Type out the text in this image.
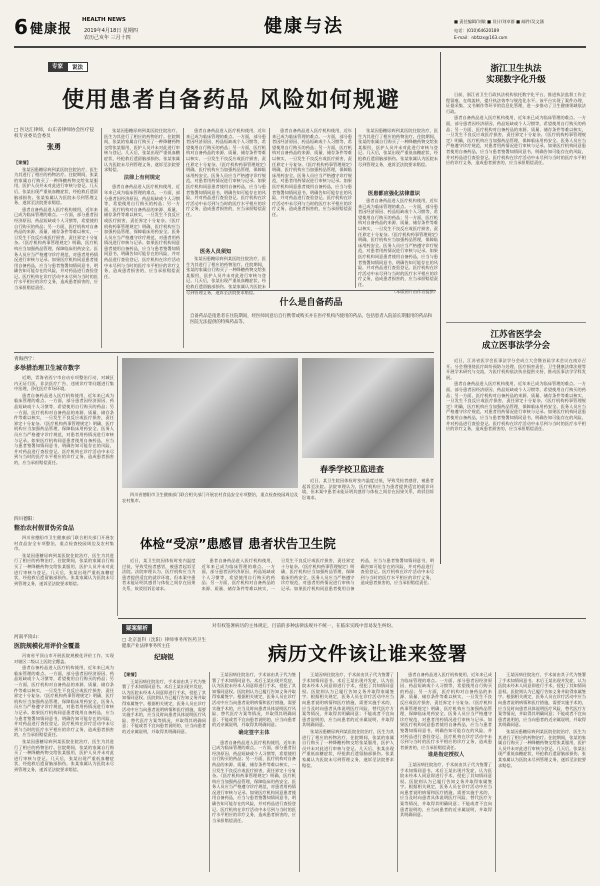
6 健康报
HEALTH NEWS
2019年4月18日 星期四
农历己亥年 三月十四
健康与法	■ 责任编辑/刘敏 ■ 设计/刘卓群 ■ 邮件/吴文涵
电话：(010)64620189
E-mail：nbfzzx@163.com
专家	说法
使用患者自备药品 风险如何规避
□ 医达汇律师，山东省律师协会医疗侵权专业委员会委员
张勇

【案情】

张某因患糖尿病到某医院住院治疗，医生为其进行了相应的药物治疗。住院期间，张某的家属自行购买了一种降糖药物交给张某服用，医护人员并未对此进行审核与登记。几天后，张某出现严重低血糖症状，经抢救后遗留脑部损伤。张某家属认为医院未尽到管理义务，遂诉至法院要求赔偿。

患者自备药品进入医疗机构使用，近年来已成为临床管理的难点。一方面，部分患者因经济原因、药品短缺或个人习惯等，希望使用自行购买的药品；另一方面，医疗机构对自备药品的来源、质量、储存条件等难以核实，一旦发生不良反应或医疗损害，责任界定十分复杂。《医疗机构药事管理规定》明确，医疗机构应当加强药品管理，保障临床用药安全。医务人员应当严格遵守诊疗规范，对患者用药情况进行审核与记录。如果医疗机构同意患者使用自备药品，应当与患者签署知情同意书，明确告知可能存在的风险，并对药品进行查验登记。医疗机构在诊疗活动中未尽到与当时的医疗水平相应的诊疗义务，造成患者损害的，应当承担赔偿责任。

张某因患糖尿病到某医院住院治疗，医生为其进行了相应的药物治疗。住院期间，张某的家属自行购买了一种降糖药物交给张某服用，医护人员并未对此进行审核与登记。几天后，张某出现严重低血糖症状，经抢救后遗留脑部损伤。张某家属认为医院未尽到管理义务，遂诉至法院要求赔偿。

法律上有何规定

患者自备药品进入医疗机构使用，近年来已成为临床管理的难点。一方面，部分患者因经济原因、药品短缺或个人习惯等，希望使用自行购买的药品；另一方面，医疗机构对自备药品的来源、质量、储存条件等难以核实，一旦发生不良反应或医疗损害，责任界定十分复杂。《医疗机构药事管理规定》明确，医疗机构应当加强药品管理，保障临床用药安全。医务人员应当严格遵守诊疗规范，对患者用药情况进行审核与记录。如果医疗机构同意患者使用自备药品，应当与患者签署知情同意书，明确告知可能存在的风险，并对药品进行查验登记。医疗机构在诊疗活动中未尽到与当时的医疗水平相应的诊疗义务，造成患者损害的，应当承担赔偿责任。

患者自备药品进入医疗机构使用，近年来已成为临床管理的难点。一方面，部分患者因经济原因、药品短缺或个人习惯等，希望使用自行购买的药品；另一方面，医疗机构对自备药品的来源、质量、储存条件等难以核实，一旦发生不良反应或医疗损害，责任界定十分复杂。《医疗机构药事管理规定》明确，医疗机构应当加强药品管理，保障临床用药安全。医务人员应当严格遵守诊疗规范，对患者用药情况进行审核与记录。如果医疗机构同意患者使用自备药品，应当与患者签署知情同意书，明确告知可能存在的风险，并对药品进行查验登记。医疗机构在诊疗活动中未尽到与当时的医疗水平相应的诊疗义务，造成患者损害的，应当承担赔偿责任。

医务人员须知

张某因患糖尿病到某医院住院治疗，医生为其进行了相应的药物治疗。住院期间，张某的家属自行购买了一种降糖药物交给张某服用，医护人员并未对此进行审核与登记。几天后，张某出现严重低血糖症状，经抢救后遗留脑部损伤。张某家属认为医院未尽到管理义务，遂诉至法院要求赔偿。

患者自备药品进入医疗机构使用，近年来已成为临床管理的难点。一方面，部分患者因经济原因、药品短缺或个人习惯等，希望使用自行购买的药品；另一方面，医疗机构对自备药品的来源、质量、储存条件等难以核实，一旦发生不良反应或医疗损害，责任界定十分复杂。《医疗机构药事管理规定》明确，医疗机构应当加强药品管理，保障临床用药安全。医务人员应当严格遵守诊疗规范，对患者用药情况进行审核与记录。如果医疗机构同意患者使用自备药品，应当与患者签署知情同意书，明确告知可能存在的风险，并对药品进行查验登记。医疗机构在诊疗活动中未尽到与当时的医疗水平相应的诊疗义务，造成患者损害的，应当承担赔偿责任。

张某因患糖尿病到某医院住院治疗，医生为其进行了相应的药物治疗。住院期间，张某的家属自行购买了一种降糖药物交给张某服用，医护人员并未对此进行审核与登记。几天后，张某出现严重低血糖症状，经抢救后遗留脑部损伤。张某家属认为医院未尽到管理义务，遂诉至法院要求赔偿。

医患都应强化法律意识

患者自备药品进入医疗机构使用，近年来已成为临床管理的难点。一方面，部分患者因经济原因、药品短缺或个人习惯等，希望使用自行购买的药品；另一方面，医疗机构对自备药品的来源、质量、储存条件等难以核实，一旦发生不良反应或医疗损害，责任界定十分复杂。《医疗机构药事管理规定》明确，医疗机构应当加强药品管理，保障临床用药安全。医务人员应当严格遵守诊疗规范，对患者用药情况进行审核与记录。如果医疗机构同意患者使用自备药品，应当与患者签署知情同意书，明确告知可能存在的风险，并对药品进行查验登记。医疗机构在诊疗活动中未尽到与当时的医疗水平相应的诊疗义务，造成患者损害的，应当承担赔偿责任。

（本版图片由作者提供）

什么是自备药品
自备药品是指患者在住院期间，经医师同意后自行携带或购买并在医疗机构内使用的药品，包括患者入院前长期服用的药品和医院无法提供的特殊药品等。
浙江卫生执法
实现数字化升级

日前，浙江省卫生行政执法机构依托数字化平台，推进执法监督工作全程留痕、在线流转，提升执法效率与规范化水平。该平台实现了案件办理、证据采集、文书制作等环节的信息化管理，进一步推动了卫生健康领域依法行政。

患者自备药品进入医疗机构使用，近年来已成为临床管理的难点。一方面，部分患者因经济原因、药品短缺或个人习惯等，希望使用自行购买的药品；另一方面，医疗机构对自备药品的来源、质量、储存条件等难以核实，一旦发生不良反应或医疗损害，责任界定十分复杂。《医疗机构药事管理规定》明确，医疗机构应当加强药品管理，保障临床用药安全。医务人员应当严格遵守诊疗规范，对患者用药情况进行审核与记录。如果医疗机构同意患者使用自备药品，应当与患者签署知情同意书，明确告知可能存在的风险，并对药品进行查验登记。医疗机构在诊疗活动中未尽到与当时的医疗水平相应的诊疗义务，造成患者损害的，应当承担赔偿责任。

江苏省医学会
成立医事法学分会

近日，江苏省医学会医事法学分会成立大会暨首届学术会议在南京召开。分会将围绕医疗纠纷预防与处理、医疗损害责任、卫生健康法律法规等开展学术研究与交流，为医疗机构依法执业提供支持，推动医事法学学科发展。

患者自备药品进入医疗机构使用，近年来已成为临床管理的难点。一方面，部分患者因经济原因、药品短缺或个人习惯等，希望使用自行购买的药品；另一方面，医疗机构对自备药品的来源、质量、储存条件等难以核实，一旦发生不良反应或医疗损害，责任界定十分复杂。《医疗机构药事管理规定》明确，医疗机构应当加强药品管理，保障临床用药安全。医务人员应当严格遵守诊疗规范，对患者用药情况进行审核与记录。如果医疗机构同意患者使用自备药品，应当与患者签署知情同意书，明确告知可能存在的风险，并对药品进行查验登记。医疗机构在诊疗活动中未尽到与当时的医疗水平相应的诊疗义务，造成患者损害的，应当承担赔偿责任。

青海西宁：
多举措治理卫生城市数字

近期，青海省西宁市启动专项整治行动，对城区内无证行医、非法医疗广告、违规诊疗等问题进行集中治理，净化医疗市场环境。

患者自备药品进入医疗机构使用，近年来已成为临床管理的难点。一方面，部分患者因经济原因、药品短缺或个人习惯等，希望使用自行购买的药品；另一方面，医疗机构对自备药品的来源、质量、储存条件等难以核实，一旦发生不良反应或医疗损害，责任界定十分复杂。《医疗机构药事管理规定》明确，医疗机构应当加强药品管理，保障临床用药安全。医务人员应当严格遵守诊疗规范，对患者用药情况进行审核与记录。如果医疗机构同意患者使用自备药品，应当与患者签署知情同意书，明确告知可能存在的风险，并对药品进行查验登记。医疗机构在诊疗活动中未尽到与当时的医疗水平相应的诊疗义务，造成患者损害的，应当承担赔偿责任。

四川德阳：
整治农村假冒伪劣食品

四川省德阳市卫生健康部门联合相关部门开展农村食品安全专项整治，重点检查校园周边及农村集市。

张某因患糖尿病到某医院住院治疗，医生为其进行了相应的药物治疗。住院期间，张某的家属自行购买了一种降糖药物交给张某服用，医护人员并未对此进行审核与登记。几天后，张某出现严重低血糖症状，经抢救后遗留脑部损伤。张某家属认为医院未尽到管理义务，遂诉至法院要求赔偿。

河南平顶山：
医院规模化用评价全覆盖

河南省平顶山市开展医院规模化评价工作，实现对辖区二级以上医院全覆盖。

患者自备药品进入医疗机构使用，近年来已成为临床管理的难点。一方面，部分患者因经济原因、药品短缺或个人习惯等，希望使用自行购买的药品；另一方面，医疗机构对自备药品的来源、质量、储存条件等难以核实，一旦发生不良反应或医疗损害，责任界定十分复杂。《医疗机构药事管理规定》明确，医疗机构应当加强药品管理，保障临床用药安全。医务人员应当严格遵守诊疗规范，对患者用药情况进行审核与记录。如果医疗机构同意患者使用自备药品，应当与患者签署知情同意书，明确告知可能存在的风险，并对药品进行查验登记。医疗机构在诊疗活动中未尽到与当时的医疗水平相应的诊疗义务，造成患者损害的，应当承担赔偿责任。

张某因患糖尿病到某医院住院治疗，医生为其进行了相应的药物治疗。住院期间，张某的家属自行购买了一种降糖药物交给张某服用，医护人员并未对此进行审核与登记。几天后，张某出现严重低血糖症状，经抢救后遗留脑部损伤。张某家属认为医院未尽到管理义务，遂诉至法院要求赔偿。

春季学校卫监进查

近日，某卫生院因体检时室内温度过低，导致受检者感冒，被患者起诉至法院。法院审理认为，医疗机构应当为患者提供适宜的就诊环境，但本案中患者未能证明其感冒与体检之间存在因果关系，故驳回诉讼请求。

四川省德阳市卫生健康部门联合相关部门开展农村食品安全专项整治，重点检查校园周边及农村集市。

体检“受凉”患感冒 患者状告卫生院

近日，某卫生院因体检时室内温度过低，导致受检者感冒，被患者起诉至法院。法院审理认为，医疗机构应当为患者提供适宜的就诊环境，但本案中患者未能证明其感冒与体检之间存在因果关系，故驳回诉讼请求。

患者自备药品进入医疗机构使用，近年来已成为临床管理的难点。一方面，部分患者因经济原因、药品短缺或个人习惯等，希望使用自行购买的药品；另一方面，医疗机构对自备药品的来源、质量、储存条件等难以核实，一旦发生不良反应或医疗损害，责任界定十分复杂。《医疗机构药事管理规定》明确，医疗机构应当加强药品管理，保障临床用药安全。医务人员应当严格遵守诊疗规范，对患者用药情况进行审核与记录。如果医疗机构同意患者使用自备药品，应当与患者签署知情同意书，明确告知可能存在的风险，并对药品进行查验登记。医疗机构在诊疗活动中未尽到与当时的医疗水平相应的诊疗义务，造成患者损害的，应当承担赔偿责任。

疑案解析	对有权签署病历的主体规定，目前的多种法律法规并不统一，在临床实践中容易发生纠纷。
□ 北京盈科（沈阳）律师事务所医药卫生健康产业法律事务所主任
纪晓锐	病历文件该让谁来签署

【案情】

王某因病住院治疗，手术前由其子代为签署了手术知情同意书。术后王某出现并发症，认为医院未经本人同意即进行手术，侵犯了其知情同意权。医院则认为已履行告知义务并取得家属签字。根据相关规定，医务人员在诊疗活动中应当向患者说明病情和医疗措施，需要实施手术的，应当及时向患者具体说明医疗风险、替代医疗方案等情况，并取得其明确同意；不能或者不宜向患者说明的，应当向患者的近亲属说明，并取得其明确同意。

王某因病住院治疗，手术前由其子代为签署了手术知情同意书。术后王某出现并发症，认为医院未经本人同意即进行手术，侵犯了其知情同意权。医院则认为已履行告知义务并取得家属签字。根据相关规定，医务人员在诊疗活动中应当向患者说明病情和医疗措施，需要实施手术的，应当及时向患者具体说明医疗风险、替代医疗方案等情况，并取得其明确同意；不能或者不宜向患者说明的，应当向患者的近亲属说明，并取得其明确同意。

确定签字主体

患者自备药品进入医疗机构使用，近年来已成为临床管理的难点。一方面，部分患者因经济原因、药品短缺或个人习惯等，希望使用自行购买的药品；另一方面，医疗机构对自备药品的来源、质量、储存条件等难以核实，一旦发生不良反应或医疗损害，责任界定十分复杂。《医疗机构药事管理规定》明确，医疗机构应当加强药品管理，保障临床用药安全。医务人员应当严格遵守诊疗规范，对患者用药情况进行审核与记录。如果医疗机构同意患者使用自备药品，应当与患者签署知情同意书，明确告知可能存在的风险，并对药品进行查验登记。医疗机构在诊疗活动中未尽到与当时的医疗水平相应的诊疗义务，造成患者损害的，应当承担赔偿责任。

王某因病住院治疗，手术前由其子代为签署了手术知情同意书。术后王某出现并发症，认为医院未经本人同意即进行手术，侵犯了其知情同意权。医院则认为已履行告知义务并取得家属签字。根据相关规定，医务人员在诊疗活动中应当向患者说明病情和医疗措施，需要实施手术的，应当及时向患者具体说明医疗风险、替代医疗方案等情况，并取得其明确同意；不能或者不宜向患者说明的，应当向患者的近亲属说明，并取得其明确同意。

张某因患糖尿病到某医院住院治疗，医生为其进行了相应的药物治疗。住院期间，张某的家属自行购买了一种降糖药物交给张某服用，医护人员并未对此进行审核与登记。几天后，张某出现严重低血糖症状，经抢救后遗留脑部损伤。张某家属认为医院未尽到管理义务，遂诉至法院要求赔偿。

患者自备药品进入医疗机构使用，近年来已成为临床管理的难点。一方面，部分患者因经济原因、药品短缺或个人习惯等，希望使用自行购买的药品；另一方面，医疗机构对自备药品的来源、质量、储存条件等难以核实，一旦发生不良反应或医疗损害，责任界定十分复杂。《医疗机构药事管理规定》明确，医疗机构应当加强药品管理，保障临床用药安全。医务人员应当严格遵守诊疗规范，对患者用药情况进行审核与记录。如果医疗机构同意患者使用自备药品，应当与患者签署知情同意书，明确告知可能存在的风险，并对药品进行查验登记。医疗机构在诊疗活动中未尽到与当时的医疗水平相应的诊疗义务，造成患者损害的，应当承担赔偿责任。

谁是指定授权人

王某因病住院治疗，手术前由其子代为签署了手术知情同意书。术后王某出现并发症，认为医院未经本人同意即进行手术，侵犯了其知情同意权。医院则认为已履行告知义务并取得家属签字。根据相关规定，医务人员在诊疗活动中应当向患者说明病情和医疗措施，需要实施手术的，应当及时向患者具体说明医疗风险、替代医疗方案等情况，并取得其明确同意；不能或者不宜向患者说明的，应当向患者的近亲属说明，并取得其明确同意。

王某因病住院治疗，手术前由其子代为签署了手术知情同意书。术后王某出现并发症，认为医院未经本人同意即进行手术，侵犯了其知情同意权。医院则认为已履行告知义务并取得家属签字。根据相关规定，医务人员在诊疗活动中应当向患者说明病情和医疗措施，需要实施手术的，应当及时向患者具体说明医疗风险、替代医疗方案等情况，并取得其明确同意；不能或者不宜向患者说明的，应当向患者的近亲属说明，并取得其明确同意。

张某因患糖尿病到某医院住院治疗，医生为其进行了相应的药物治疗。住院期间，张某的家属自行购买了一种降糖药物交给张某服用，医护人员并未对此进行审核与登记。几天后，张某出现严重低血糖症状，经抢救后遗留脑部损伤。张某家属认为医院未尽到管理义务，遂诉至法院要求赔偿。
